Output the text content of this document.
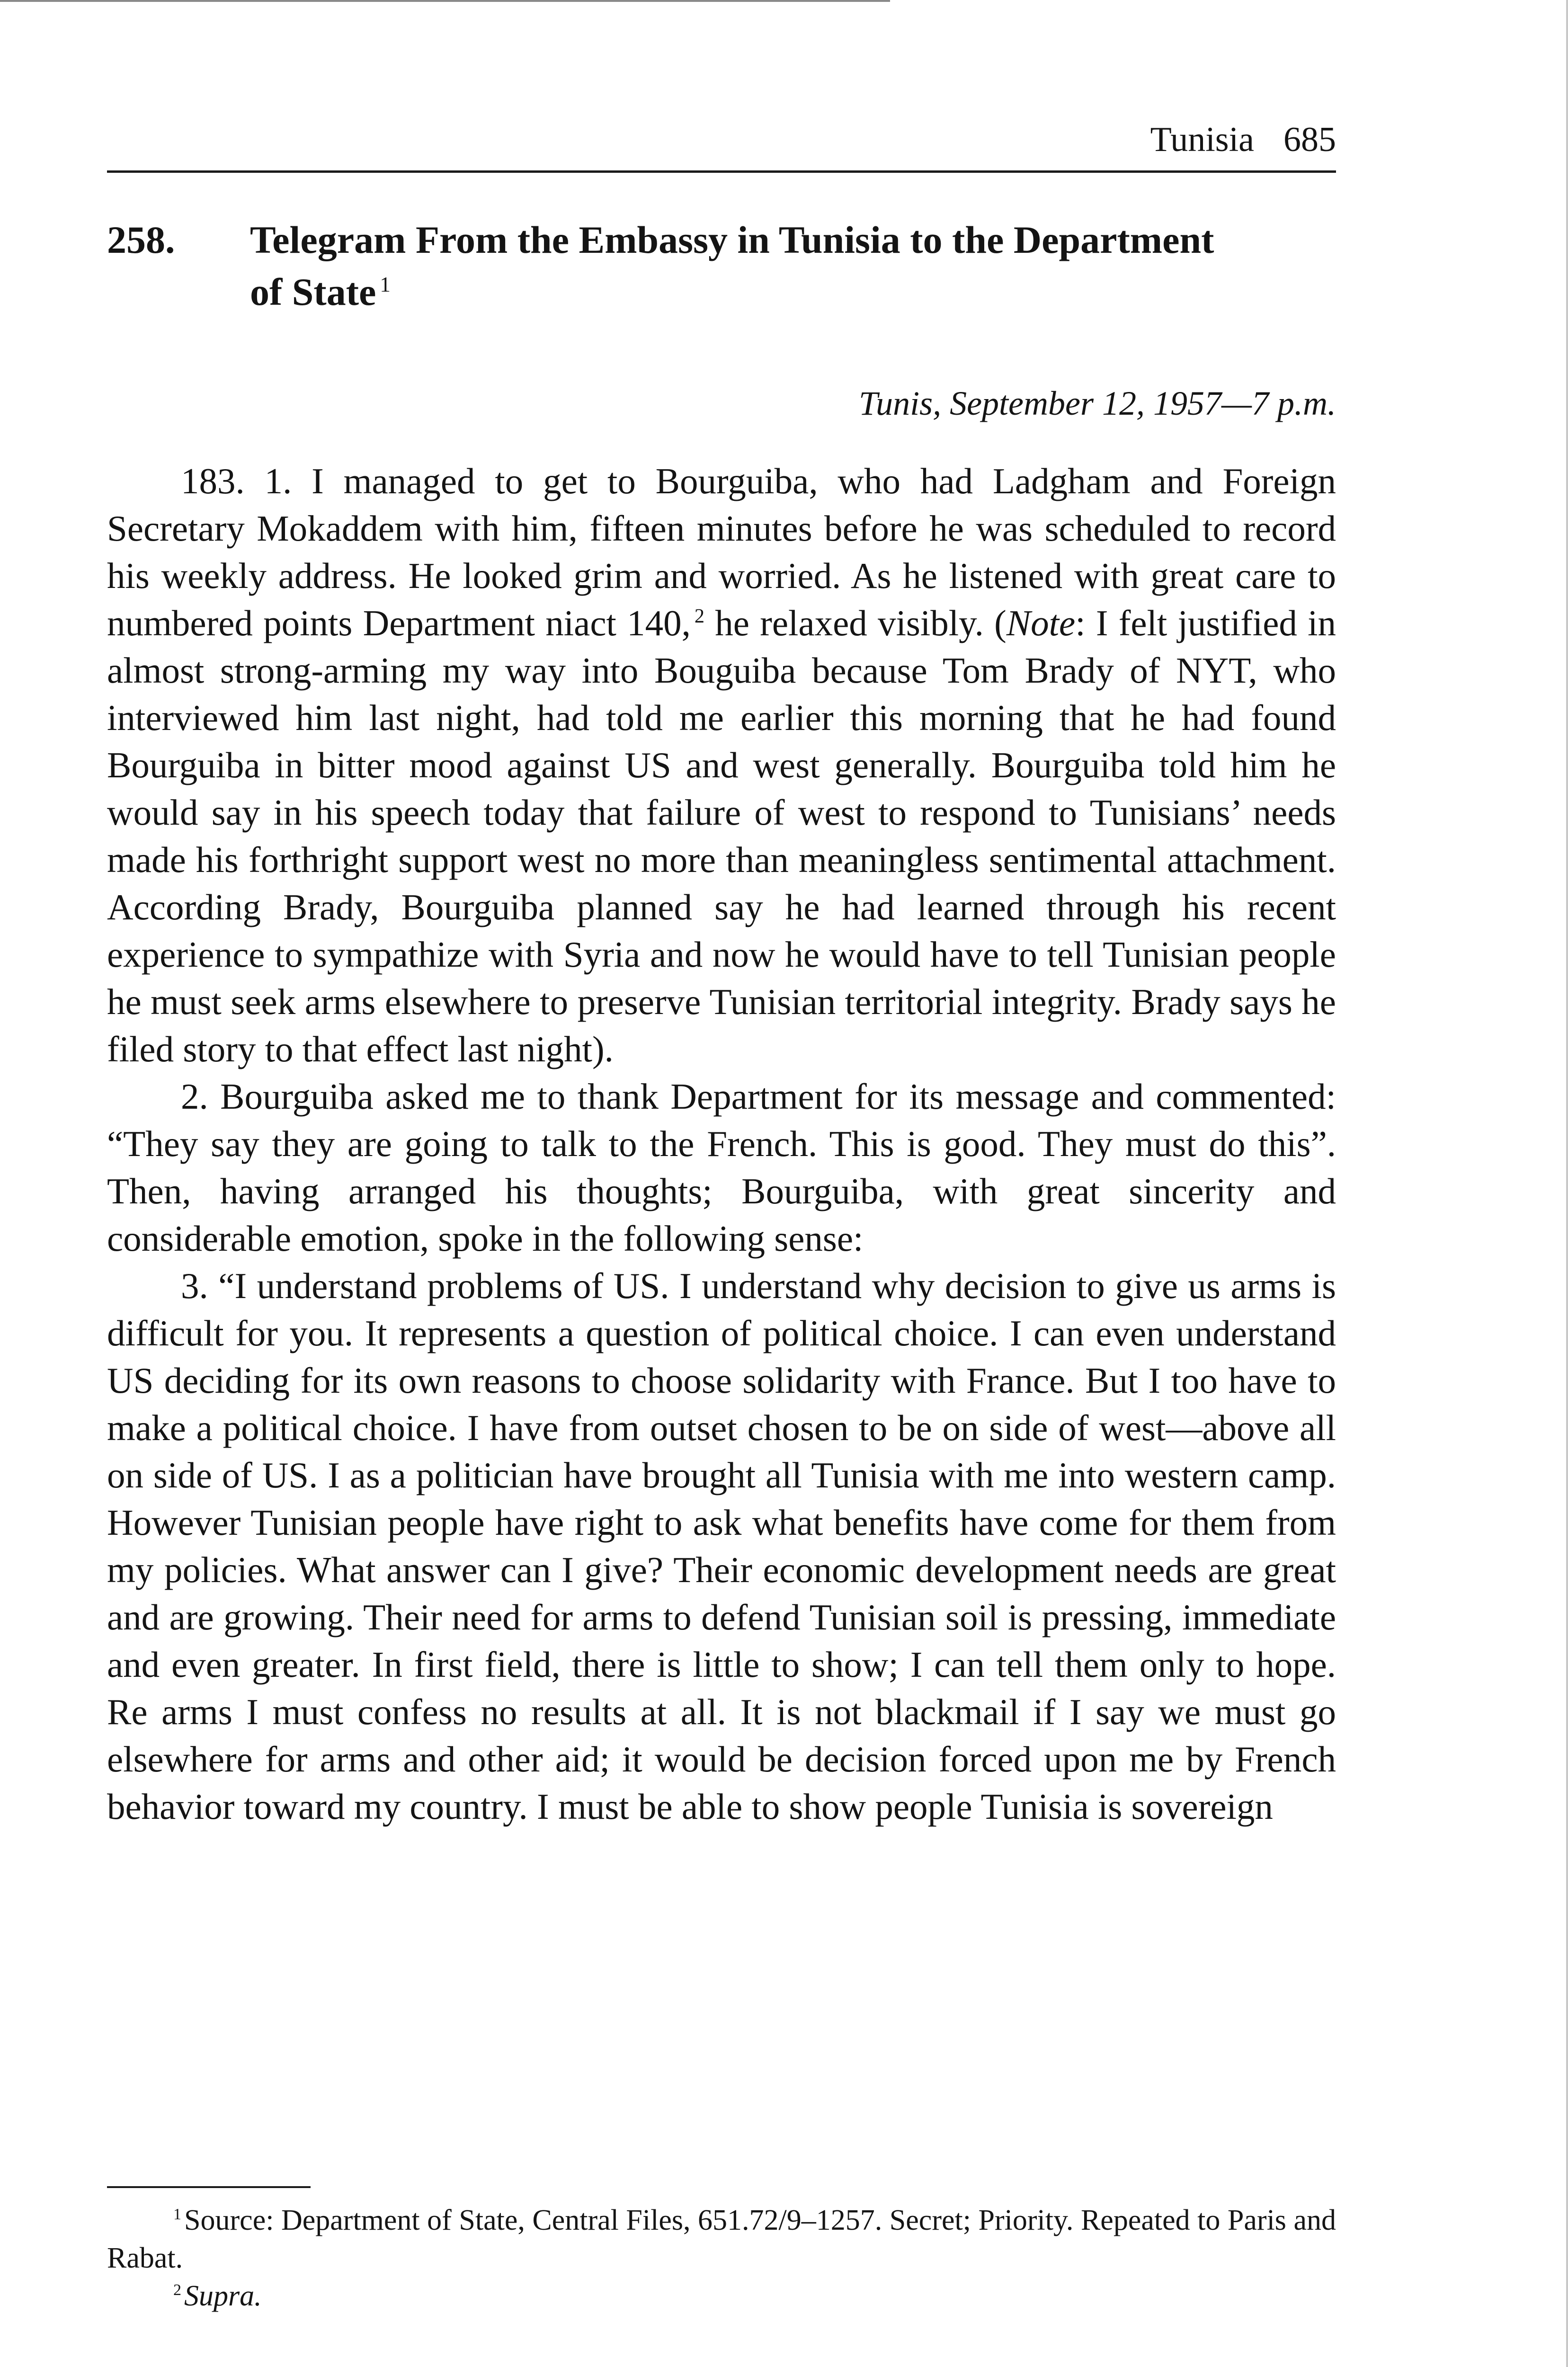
Tunisia 685
258. Telegram From the Embassy in Tunisia to the Department of State $^1$
Tunis, September 12, 1957—7 p.m.

183. 1. I managed to get to Bourguiba, who had Ladgham and Foreign Secretary Mokaddem with him, fifteen minutes before he was scheduled to record his weekly address. He looked grim and worried. As he listened with great care to numbered points Department niact 140, $^2$ he relaxed visibly. (Note: I felt justified in almost strong-arming my way into Bouguiba because Tom Brady of NYT, who interviewed him last night, had told me earlier this morning that he had found Bourguiba in bitter mood against US and west generally. Bourguiba told him he would say in his speech today that failure of west to respond to Tunisians’ needs made his forthright support west no more than meaningless sentimental attachment. According Brady, Bourguiba planned say he had learned through his recent experience to sympathize with Syria and now he would have to tell Tunisian people he must seek arms elsewhere to preserve Tunisian territorial integrity. Brady says he filed story to that effect last night).

2. Bourguiba asked me to thank Department for its message and commented: “They say they are going to talk to the French. This is good. They must do this”. Then, having arranged his thoughts; Bourguiba, with great sincerity and considerable emotion, spoke in the following sense:

3. “I understand problems of US. I understand why decision to give us arms is difficult for you. It represents a question of political choice. I can even understand US deciding for its own reasons to choose solidarity with France. But I too have to make a political choice. I have from outset chosen to be on side of west—above all on side of US. I as a politician have brought all Tunisia with me into western camp. However Tunisian people have right to ask what benefits have come for them from my policies. What answer can I give? Their economic development needs are great and are growing. Their need for arms to defend Tunisian soil is pressing, immediate and even greater. In first field, there is little to show; I can tell them only to hope. Re arms I must confess no results at all. It is not blackmail if I say we must go elsewhere for arms and other aid; it would be decision forced upon me by French behavior toward my country. I must be able to show people Tunisia is sovereign

$^1$Source: Department of State, Central Files, 651.72/9–1257. Secret; Priority. Repeated to Paris and Rabat.

$^2$Supra.
